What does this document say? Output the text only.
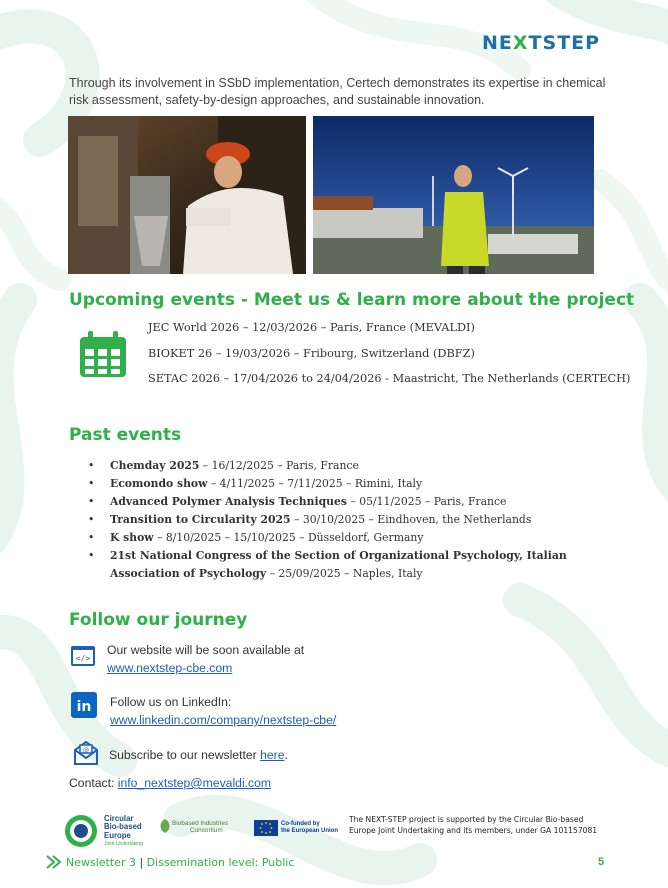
NEXTSTEP

Through its involvement in SSbD implementation, Certech demonstrates its expertise in chemical risk assessment, safety-by-design approaches, and sustainable innovation.

Upcoming events - Meet us & learn more about the project
JEC World 2026 – 12/03/2026 – Paris, France (MEVALDI)
BIOKET 26 – 19/03/2026 – Fribourg, Switzerland (DBFZ)
SETAC 2026 – 17/04/2026 to 24/04/2026 - Maastricht, The Netherlands (CERTECH)
Past events
• Chemday 2025 – 16/12/2025 – Paris, France
• Ecomondo show – 4/11/2025 – 7/11/2025 – Rimini, Italy
• Advanced Polymer Analysis Techniques – 05/11/2025 – Paris, France
• Transition to Circularity 2025 – 30/10/2025 – Eindhoven, the Netherlands
• K show – 8/10/2025 – 15/10/2025 – Düsseldorf, Germany
• 21st National Congress of the Section of Organizational Psychology, Italian Association of Psychology – 25/09/2025 – Naples, Italy
Follow our journey
</>
Our website will be soon available at
www.nextstep-cbe.com
in Follow us on LinkedIn:
www.linkedin.com/company/nextstep-cbe/
@ Subscribe to our newsletter here.
Contact: info_nextstep@mevaldi.com
Circular
Bio-based
Europe
Joint Undertaking
Biobased Industries
Consortium
Co-funded by
the European Union
The NEXT-STEP project is supported by the Circular Bio-based Europe Joint Undertaking and its members, under GA 101157081
Newsletter 3 | Dissemination level: Public	5
